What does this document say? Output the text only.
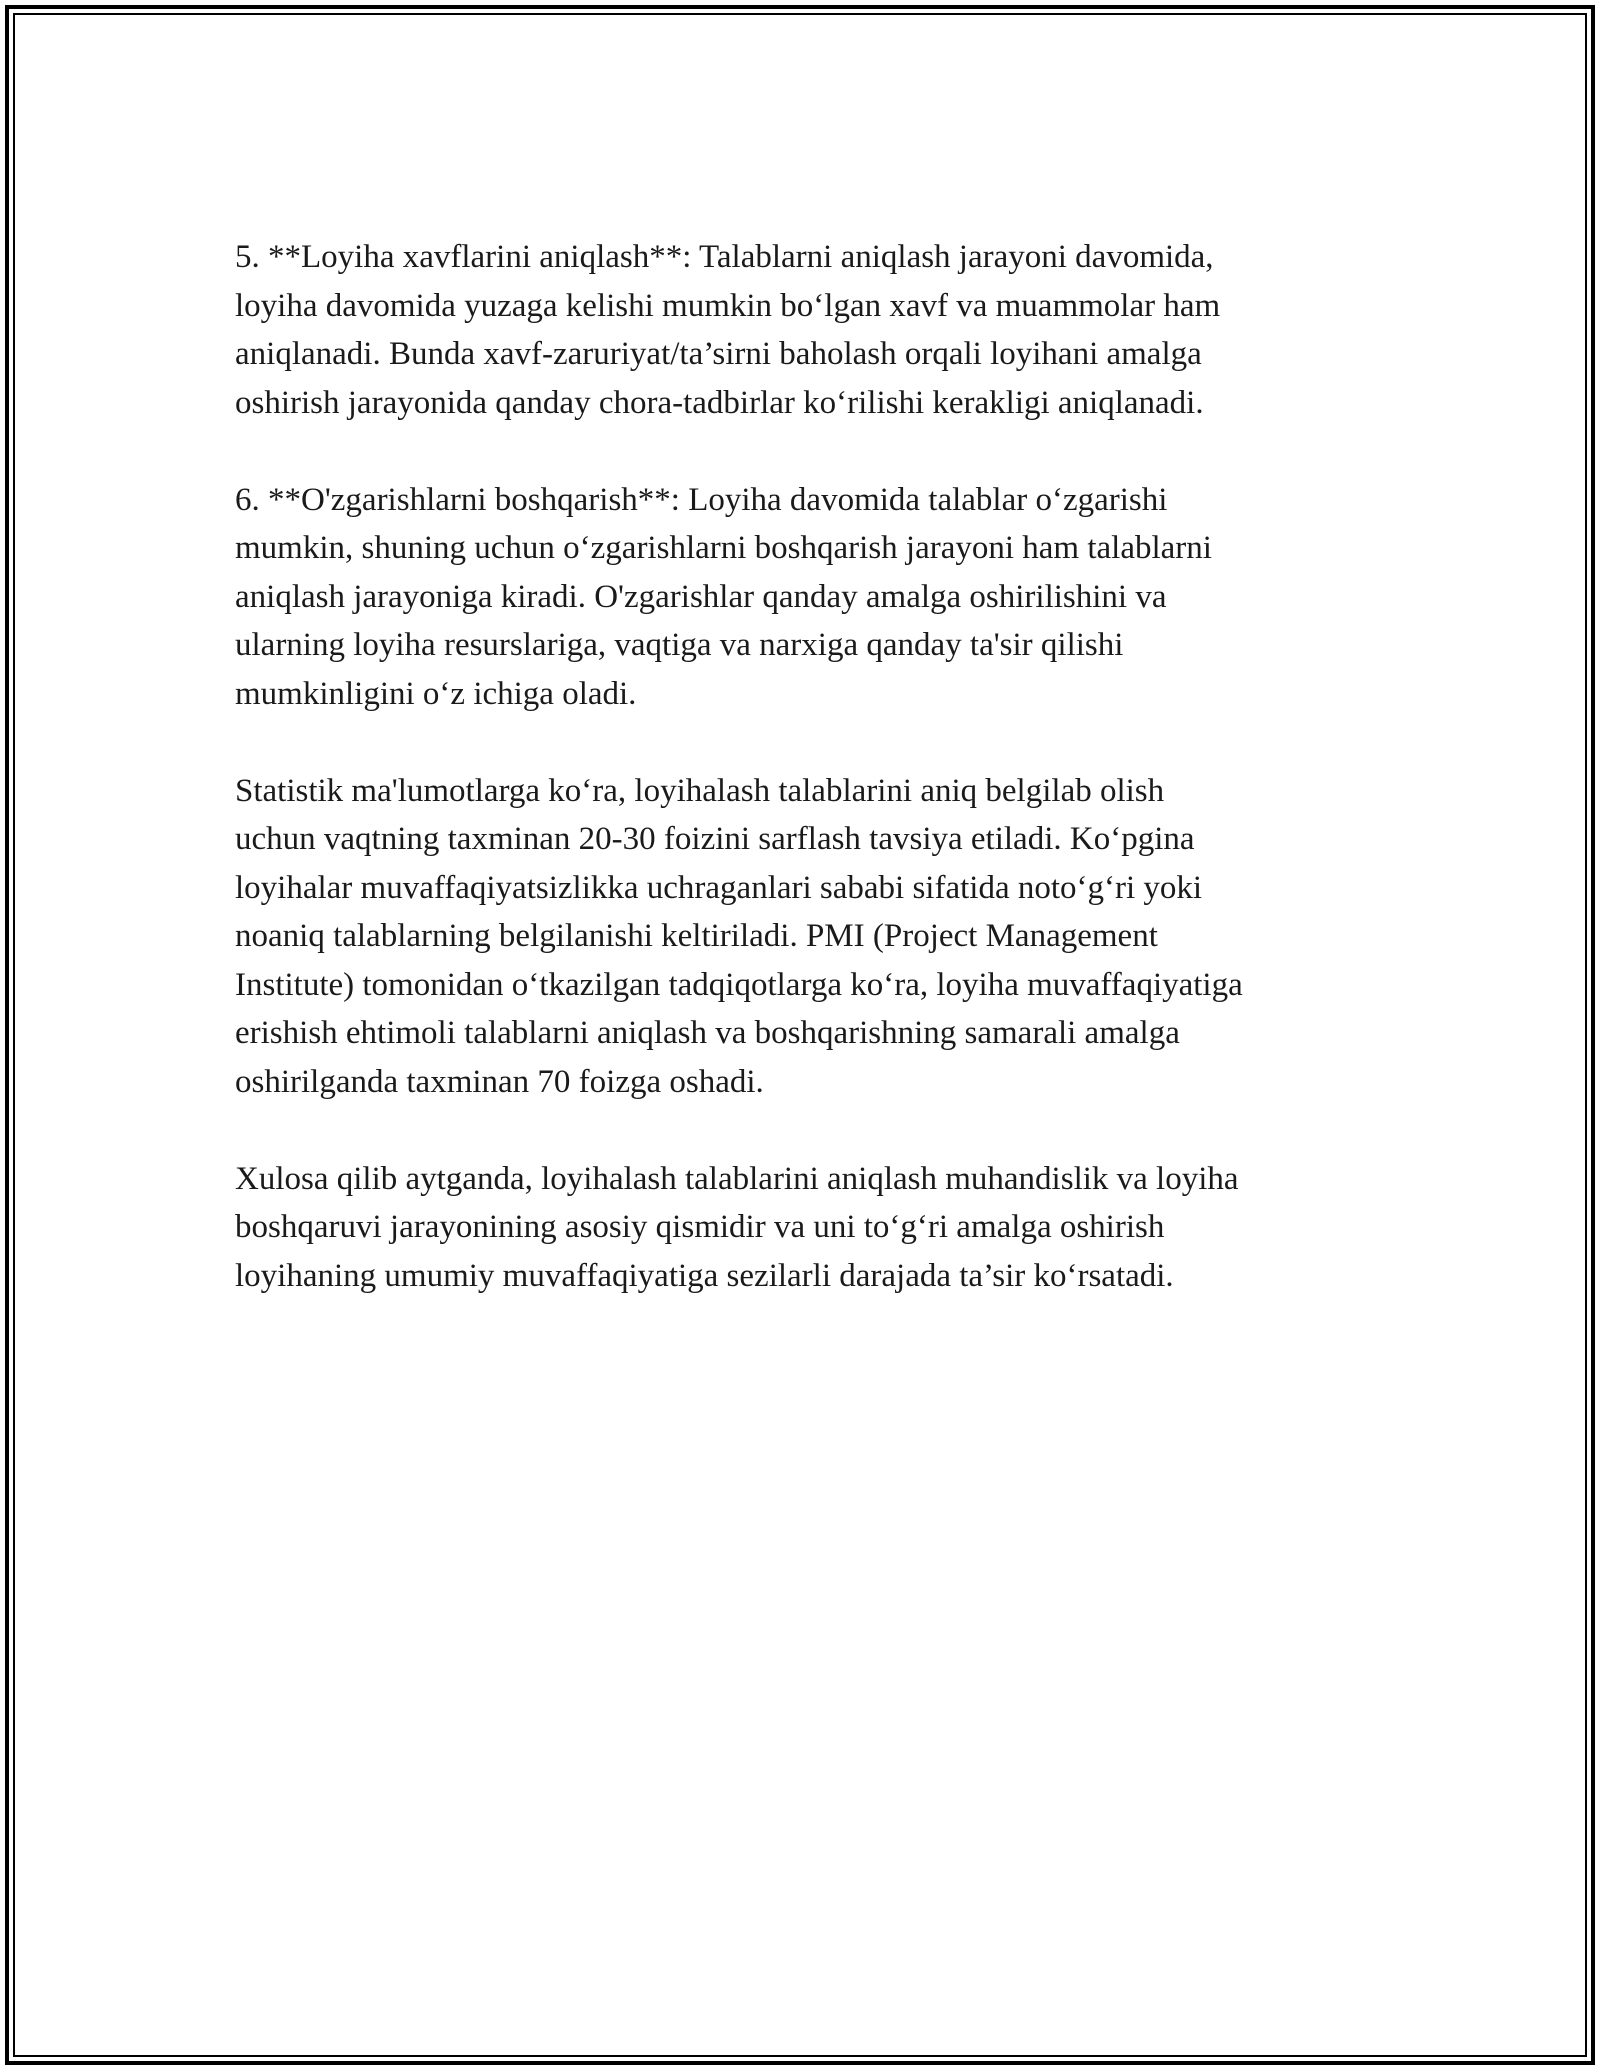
5. **Loyiha xavflarini aniqlash**: Talablarni aniqlash jarayoni davomida,
loyiha davomida yuzaga kelishi mumkin bo‘lgan xavf va muammolar ham
aniqlanadi. Bunda xavf-zaruriyat/ta’sirni baholash orqali loyihani amalga
oshirish jarayonida qanday chora-tadbirlar ko‘rilishi kerakligi aniqlanadi.

6. **O'zgarishlarni boshqarish**: Loyiha davomida talablar o‘zgarishi
mumkin, shuning uchun o‘zgarishlarni boshqarish jarayoni ham talablarni
aniqlash jarayoniga kiradi. O'zgarishlar qanday amalga oshirilishini va
ularning loyiha resurslariga, vaqtiga va narxiga qanday ta'sir qilishi
mumkinligini o‘z ichiga oladi.

Statistik ma'lumotlarga ko‘ra, loyihalash talablarini aniq belgilab olish
uchun vaqtning taxminan 20-30 foizini sarflash tavsiya etiladi. Ko‘pgina
loyihalar muvaffaqiyatsizlikka uchraganlari sababi sifatida noto‘g‘ri yoki
noaniq talablarning belgilanishi keltiriladi. PMI (Project Management
Institute) tomonidan o‘tkazilgan tadqiqotlarga ko‘ra, loyiha muvaffaqiyatiga
erishish ehtimoli talablarni aniqlash va boshqarishning samarali amalga
oshirilganda taxminan 70 foizga oshadi.

Xulosa qilib aytganda, loyihalash talablarini aniqlash muhandislik va loyiha
boshqaruvi jarayonining asosiy qismidir va uni to‘g‘ri amalga oshirish
loyihaning umumiy muvaffaqiyatiga sezilarli darajada ta’sir ko‘rsatadi.
